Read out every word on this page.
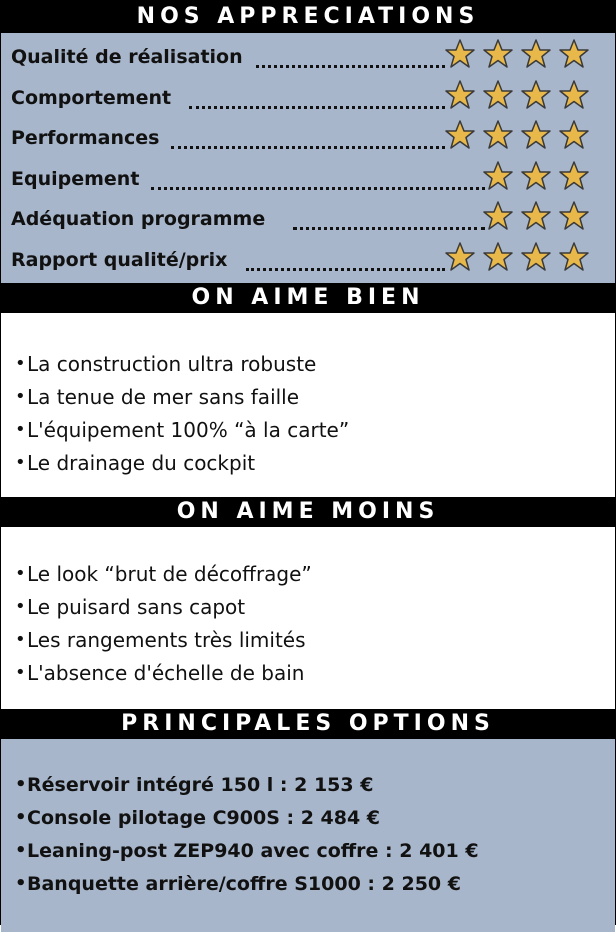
NOS APPRECIATIONS
Qualité de réalisation
Comportement
Performances
Equipement
Adéquation programme
Rapport qualité/prix
ON AIME BIEN
• La construction ultra robuste
• La tenue de mer sans faille
• L'équipement 100% “à la carte”
• Le drainage du cockpit
ON AIME MOINS
• Le look “brut de décoffrage”
• Le puisard sans capot
• Les rangements très limités
• L'absence d'échelle de bain
PRINCIPALES OPTIONS
• Réservoir intégré 150 l : 2 153 €
• Console pilotage C900S : 2 484 €
• Leaning-post ZEP940 avec coffre : 2 401 €
• Banquette arrière/coffre S1000 : 2 250 €
